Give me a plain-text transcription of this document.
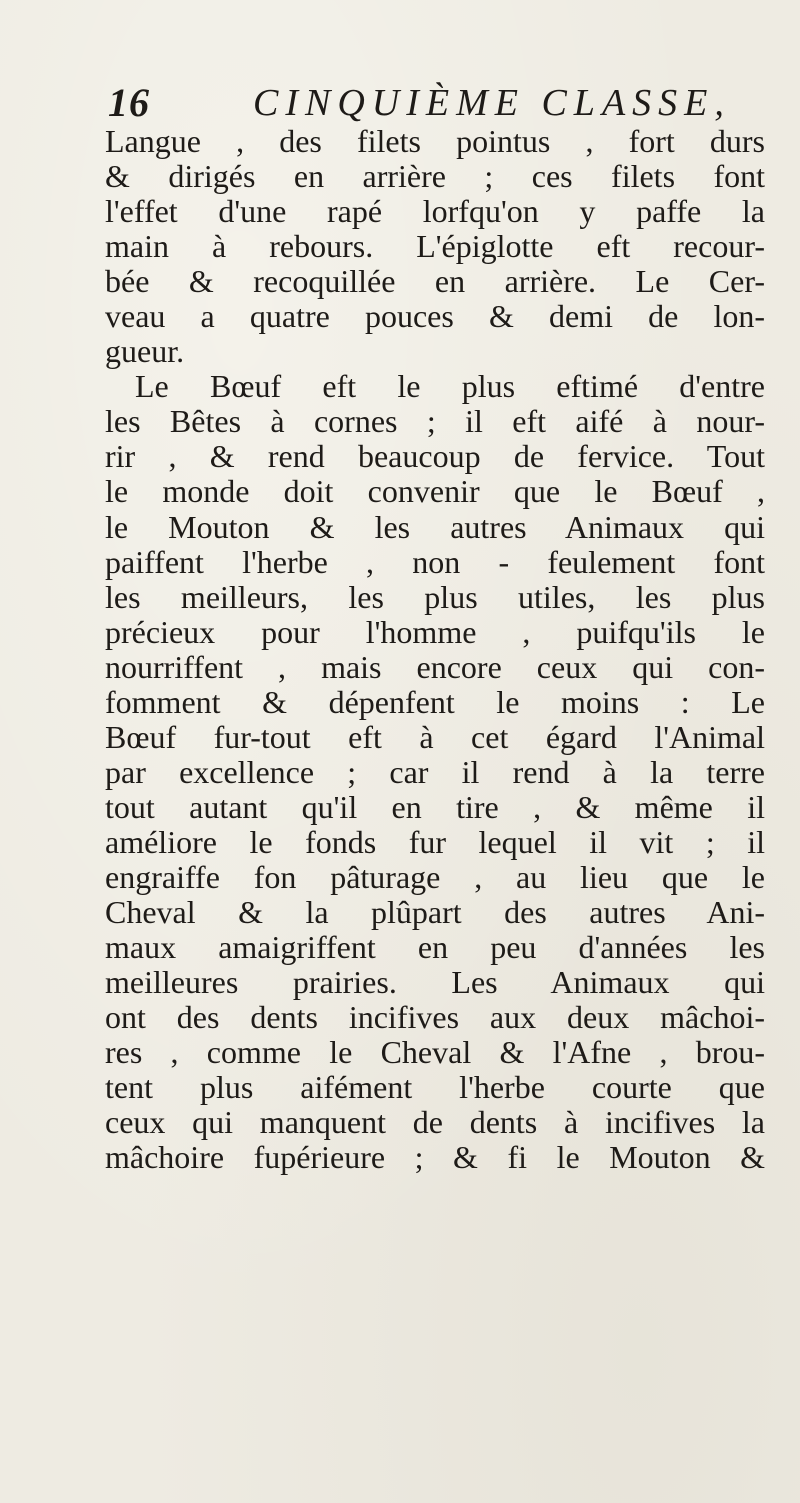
16	CINQUIÈME CLASSE,
Langue , des filets pointus , fort durs
& dirigés en arrière ; ces filets font
l'effet d'une rapé lorfqu'on y paffe la
main à rebours. L'épiglotte eft recour-
bée & recoquillée en arrière. Le Cer-
veau a quatre pouces & demi de lon-
gueur.
Le Bœuf eft le plus eftimé d'entre
les Bêtes à cornes ; il eft aifé à nour-
rir , & rend beaucoup de fervice. Tout
le monde doit convenir que le Bœuf ,
le Mouton & les autres Animaux qui
paiffent l'herbe , non - feulement font
les meilleurs, les plus utiles, les plus
précieux pour l'homme , puifqu'ils le
nourriffent , mais encore ceux qui con-
fomment & dépenfent le moins : Le
Bœuf fur-tout eft à cet égard l'Animal
par excellence ; car il rend à la terre
tout autant qu'il en tire , & même il
améliore le fonds fur lequel il vit ; il
engraiffe fon pâturage , au lieu que le
Cheval & la plûpart des autres Ani-
maux amaigriffent en peu d'années les
meilleures prairies. Les Animaux qui
ont des dents incifives aux deux mâchoi-
res , comme le Cheval & l'Afne , brou-
tent plus aifément l'herbe courte que
ceux qui manquent de dents à incifives la
mâchoire fupérieure ; & fi le Mouton &
